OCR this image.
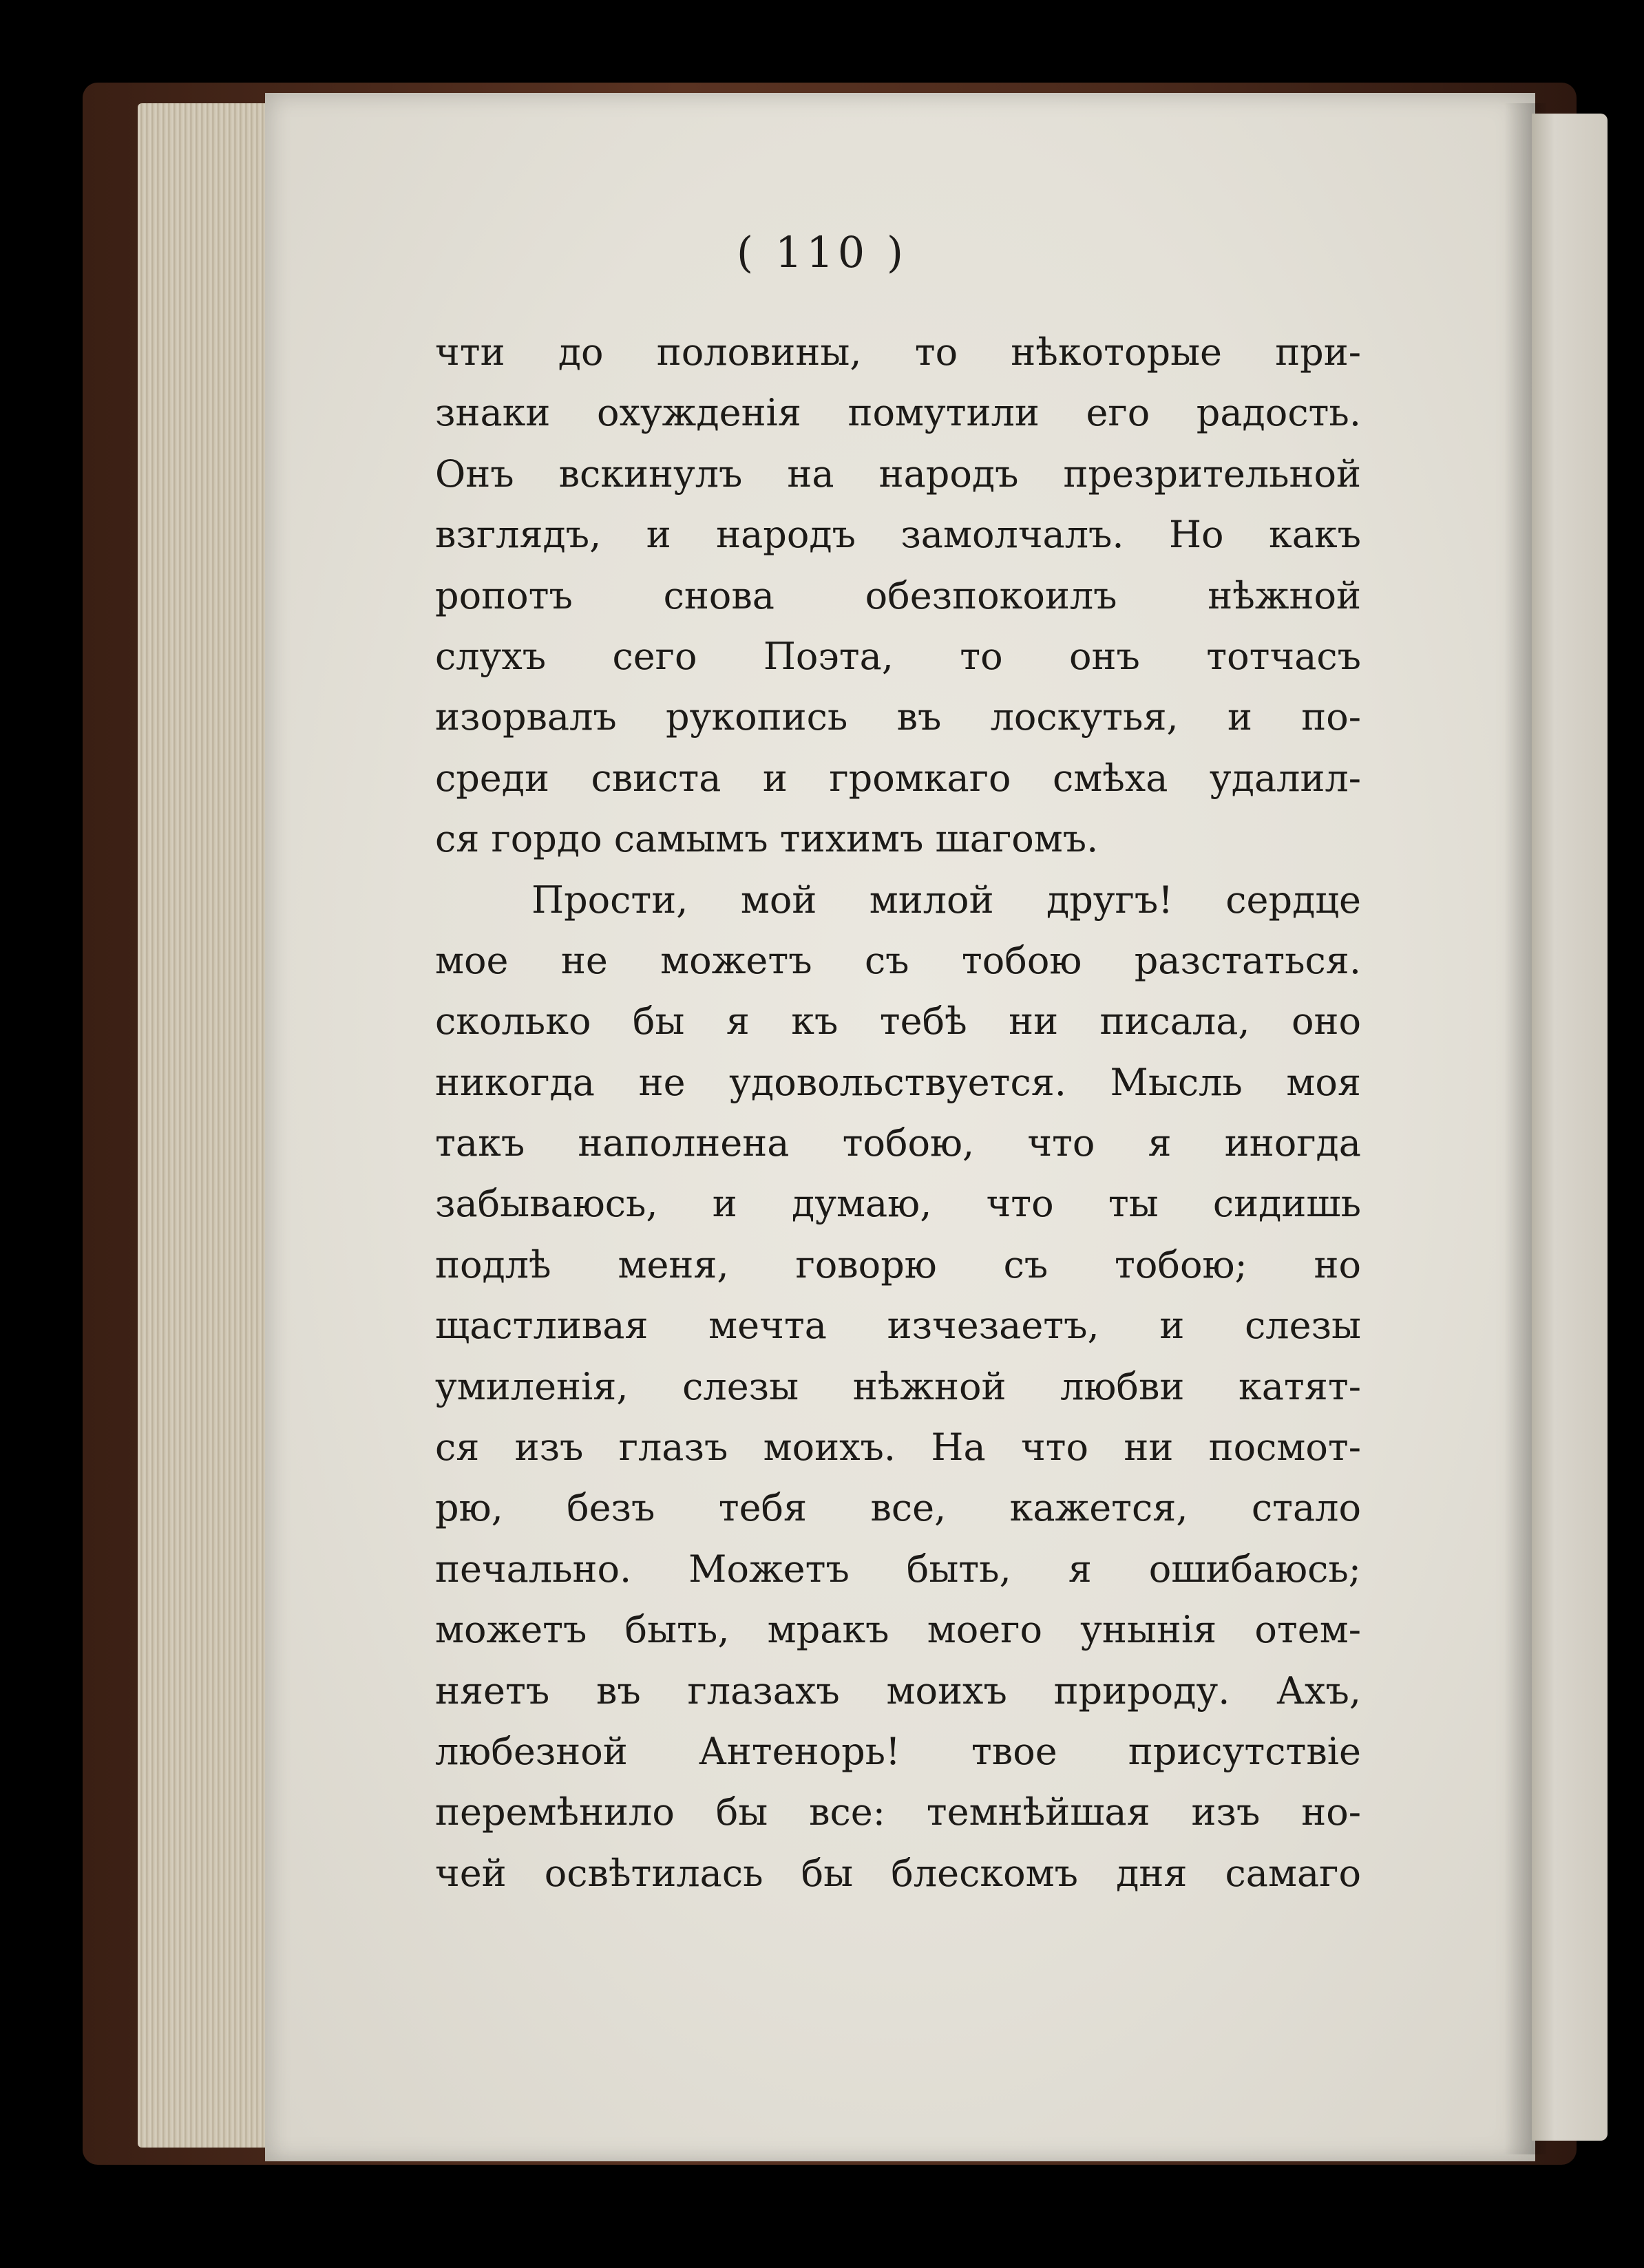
( 110 )
чти до половины, то нѣкоторые при-
знаки охужденія помутили его радость.
Онъ вскинулъ на народъ презрительной
взглядъ, и народъ замолчалъ. Но какъ
ропотъ снова обезпокоилъ нѣжной
слухъ сего Поэта, то онъ тотчасъ
изорвалъ рукопись въ лоскутья, и по-
среди свиста и громкаго смѣха удалил-
ся гордо самымъ тихимъ шагомъ.
Прости, мой милой другъ! сердце
мое не можетъ съ тобою разстаться.
сколько бы я къ тебѣ ни писала, оно
никогда не удовольствуется. Мысль моя
такъ наполнена тобою, что я иногда
забываюсь, и думаю, что ты сидишь
подлѣ меня, говорю съ тобою; но
щастливая мечта изчезаетъ, и слезы
умиленія, слезы нѣжной любви катят-
ся изъ глазъ моихъ. На что ни посмот-
рю, безъ тебя все, кажется, стало
печально. Можетъ быть, я ошибаюсь;
можетъ быть, мракъ моего унынія отем-
няетъ въ глазахъ моихъ природу. Ахъ,
любезной Антенорь! твое присутствіе
перемѣнило бы все: темнѣйшая изъ но-
чей освѣтилась бы блескомъ дня самаго
